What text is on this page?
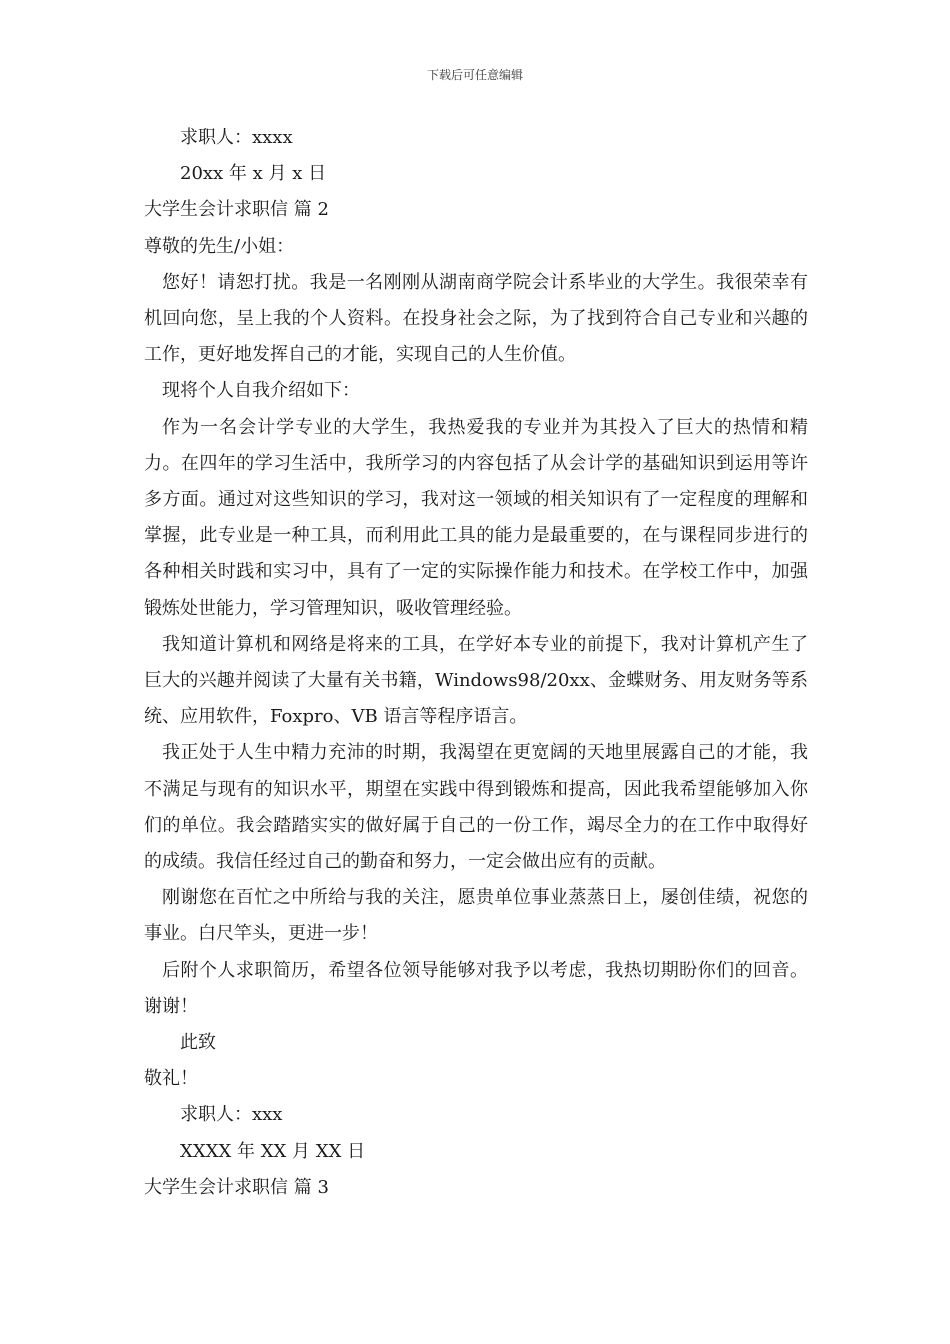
下载后可任意编辑
求职人：xxxx
20xx 年 x 月 x 日
大学生会计求职信 篇 2
尊敬的先生/小姐：
您好！请恕打扰。我是一名刚刚从湖南商学院会计系毕业的大学生。我很荣幸有机回向您，呈上我的个人资料。在投身社会之际，为了找到符合自己专业和兴趣的工作，更好地发挥自己的才能，实现自己的人生价值。
现将个人自我介绍如下：
作为一名会计学专业的大学生，我热爱我的专业并为其投入了巨大的热情和精力。在四年的学习生活中，我所学习的内容包括了从会计学的基础知识到运用等许多方面。通过对这些知识的学习，我对这一领域的相关知识有了一定程度的理解和掌握，此专业是一种工具，而利用此工具的能力是最重要的，在与课程同步进行的各种相关时践和实习中，具有了一定的实际操作能力和技术。在学校工作中，加强锻炼处世能力，学习管理知识，吸收管理经验。
我知道计算机和网络是将来的工具，在学好本专业的前提下，我对计算机产生了巨大的兴趣并阅读了大量有关书籍，Windows98/20xx、金蝶财务、用友财务等系统、应用软件，Foxpro、VB 语言等程序语言。
我正处于人生中精力充沛的时期，我渴望在更宽阔的天地里展露自己的才能，我不满足与现有的知识水平，期望在实践中得到锻炼和提高，因此我希望能够加入你们的单位。我会踏踏实实的做好属于自己的一份工作，竭尽全力的在工作中取得好的成绩。我信任经过自己的勤奋和努力，一定会做出应有的贡献。
刚谢您在百忙之中所给与我的关注，愿贵单位事业蒸蒸日上，屡创佳绩，祝您的事业。白尺竿头，更进一步！
后附个人求职简历，希望各位领导能够对我予以考虑，我热切期盼你们的回音。谢谢！
此致
敬礼！
求职人：xxx
XXXX 年 XX 月 XX 日
大学生会计求职信 篇 3
